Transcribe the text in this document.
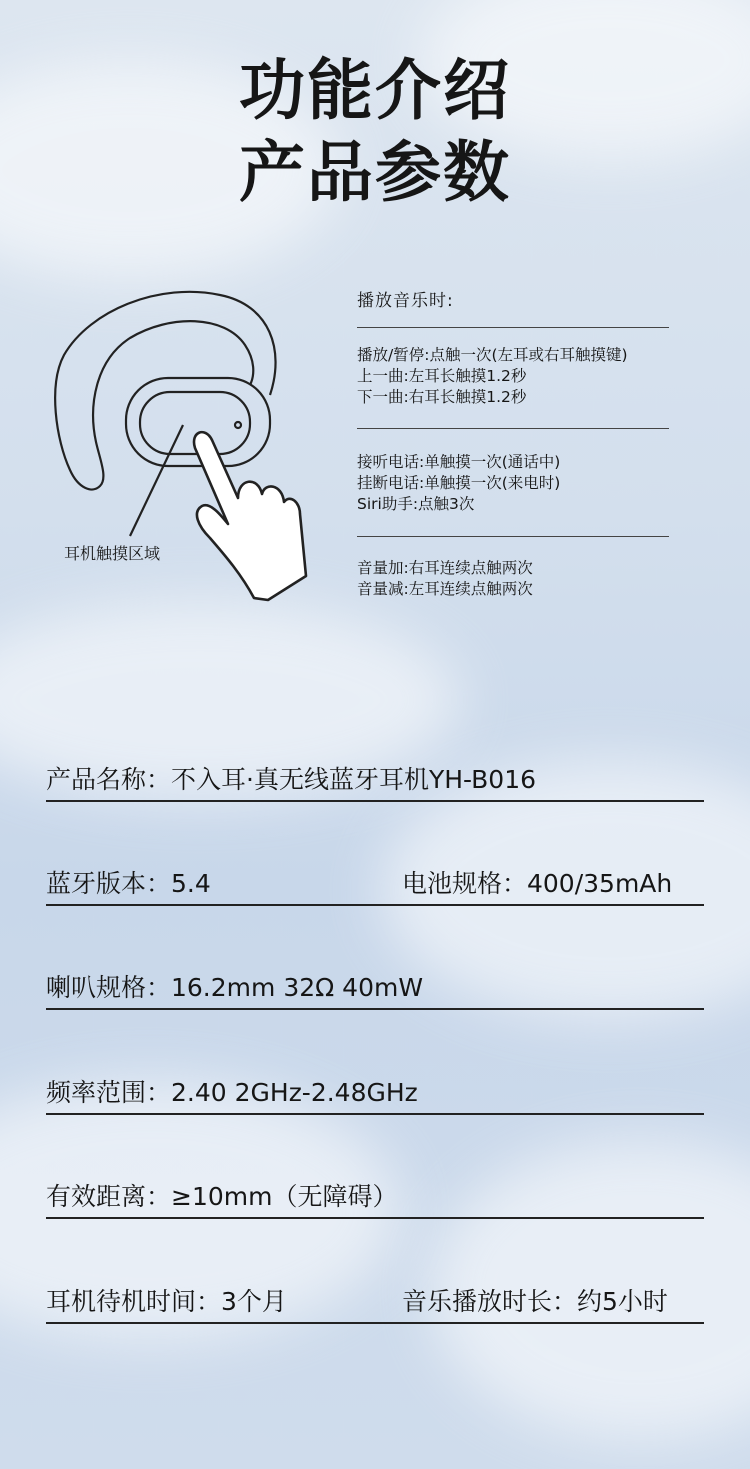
功能介绍
产品参数
耳机触摸区域
播放音乐时:
播放/暂停:点触一次(左耳或右耳触摸键)
上一曲:左耳长触摸1.2秒
下一曲:右耳长触摸1.2秒
接听电话:单触摸一次(通话中)
挂断电话:单触摸一次(来电时)
Siri助手:点触3次
音量加:右耳连续点触两次
音量减:左耳连续点触两次
产品名称：不入耳·真无线蓝牙耳机YH-B016
蓝牙版本：5.4	电池规格：400/35mAh
喇叭规格：16.2mm 32Ω 40mW
频率范围：2.40 2GHz-2.48GHz
有效距离：≥10mm（无障碍）
耳机待机时间：3个月	音乐播放时长：约5小时
